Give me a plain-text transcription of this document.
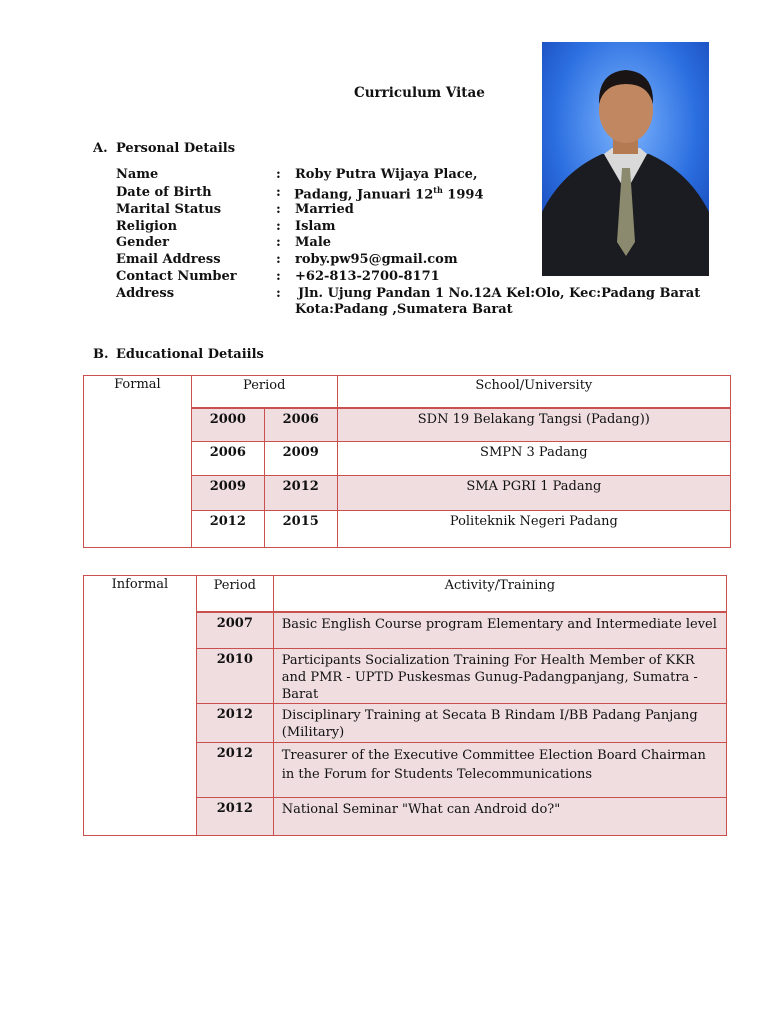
Curriculum Vitae
A. Personal Details
Name	: Roby Putra Wijaya Place,
Date of Birth	: Padang, Januari 12th 1994
Marital Status	: Married
Religion	: Islam
Gender	: Male
Email Address	: roby.pw95@gmail.com
Contact Number	: +62-813-2700-8171
Address	: Jln. Ujung Pandan 1 No.12A Kel:Olo, Kec:Padang Barat
Kota:Padang ,Sumatera Barat
B. Educational Detaiils
Formal	Period		School/University
	2000	2006	SDN 19 Belakang Tangsi (Padang))
	2006	2009	SMPN 3 Padang
	2009	2012	SMA PGRI 1 Padang
	2012	2015	Politeknik Negeri Padang
Informal	Period	Activity/Training
	2007	Basic English Course program Elementary and Intermediate level
	2010	Participants Socialization Training For Health Member of KKR and PMR - UPTD Puskesmas Gunug-Padangpanjang, Sumatra - Barat
	2012	Disciplinary Training at Secata B Rindam I/BB Padang Panjang (Military)
	2012	Treasurer of the Executive Committee Election Board Chairman in the Forum for Students Telecommunications
	2012	National Seminar "What can Android do?"
